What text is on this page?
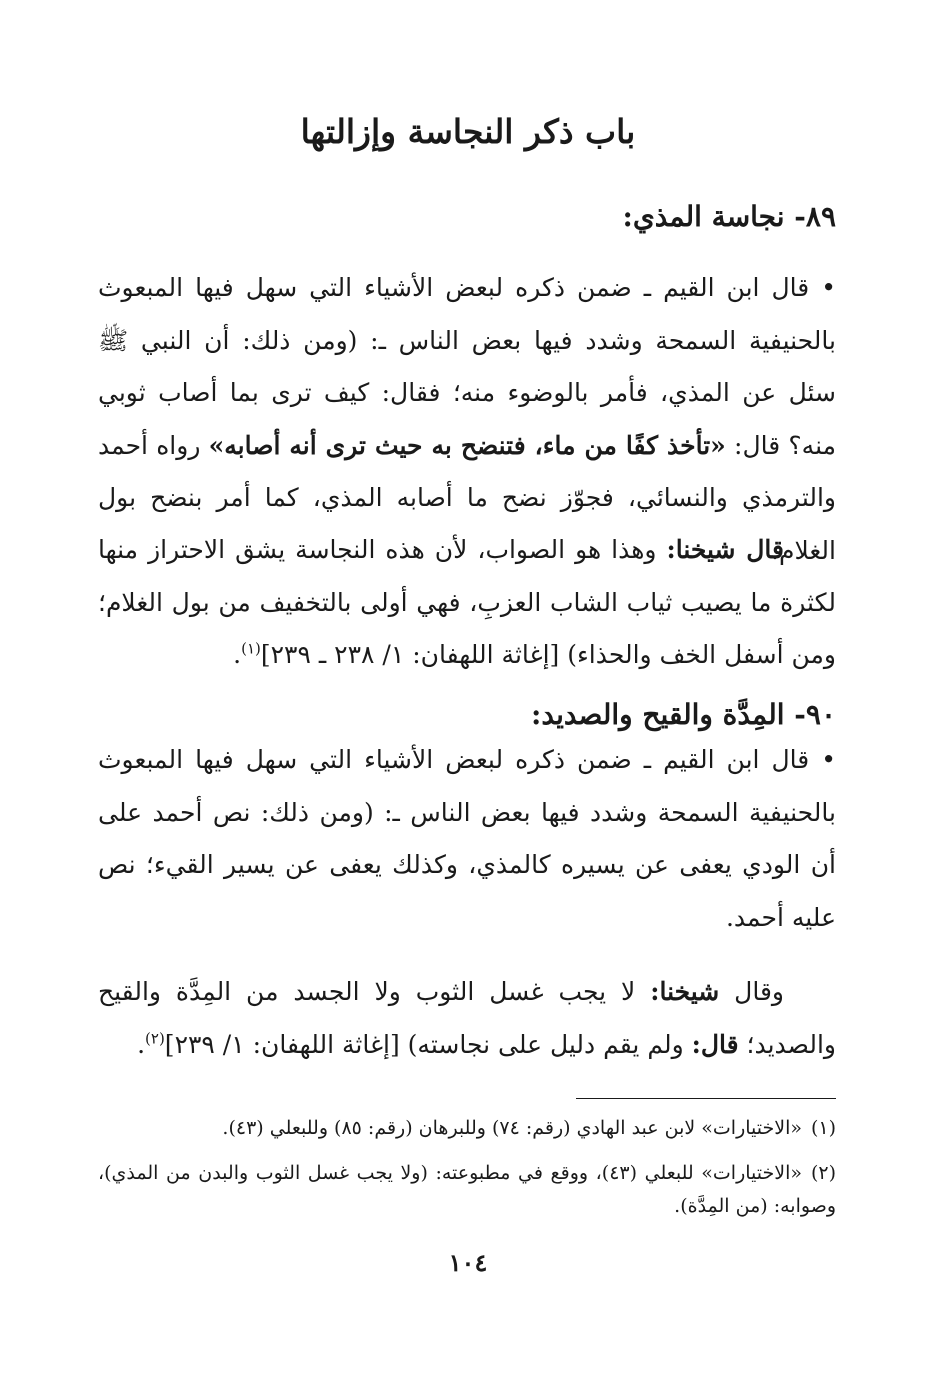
باب ذكر النجاسة وإزالتها
٨٩- نجاسة المذي:

• قال ابن القيم ـ ضمن ذكره لبعض الأشياء التي سهل فيها المبعوث بالحنيفية السمحة وشدد فيها بعض الناس ـ: (ومن ذلك: أن النبي ﷺ سئل عن المذي، فأمر بالوضوء منه؛ فقال: كيف ترى بما أصاب ثوبي منه؟ قال: «تأخذ كفًا من ماء، فتنضح به حيث ترى أنه أصابه» رواه أحمد والترمذي والنسائي، فجوّز نضح ما أصابه المذي، كما أمر بنضح بول الغلام.

قال شيخنا: وهذا هو الصواب، لأن هذه النجاسة يشق الاحتراز منها لكثرة ما يصيب ثياب الشاب العزبِ، فهي أولى بالتخفيف من بول الغلام؛ ومن أسفل الخف والحذاء) [إغاثة اللهفان: ١/ ٢٣٨ ـ ٢٣٩]$^{(١)}$.

٩٠- المِدَّة والقيح والصديد:

• قال ابن القيم ـ ضمن ذكره لبعض الأشياء التي سهل فيها المبعوث بالحنيفية السمحة وشدد فيها بعض الناس ـ: (ومن ذلك: نص أحمد على أن الودي يعفى عن يسيره كالمذي، وكذلك يعفى عن يسير القيء؛ نص عليه أحمد.

وقال شيخنا: لا يجب غسل الثوب ولا الجسد من المِدَّة والقيح والصديد؛ قال: ولم يقم دليل على نجاسته) [إغاثة اللهفان: ١/ ٢٣٩]$^{(٢)}$.

(١)«الاختيارات» لابن عبد الهادي (رقم: ٧٤) وللبرهان (رقم: ٨٥) وللبعلي (٤٣).

(٢)«الاختيارات» للبعلي (٤٣)، ووقع في مطبوعته: (ولا يجب غسل الثوب والبدن من المذي)، وصوابه: (من المِدَّة).

١٠٤
